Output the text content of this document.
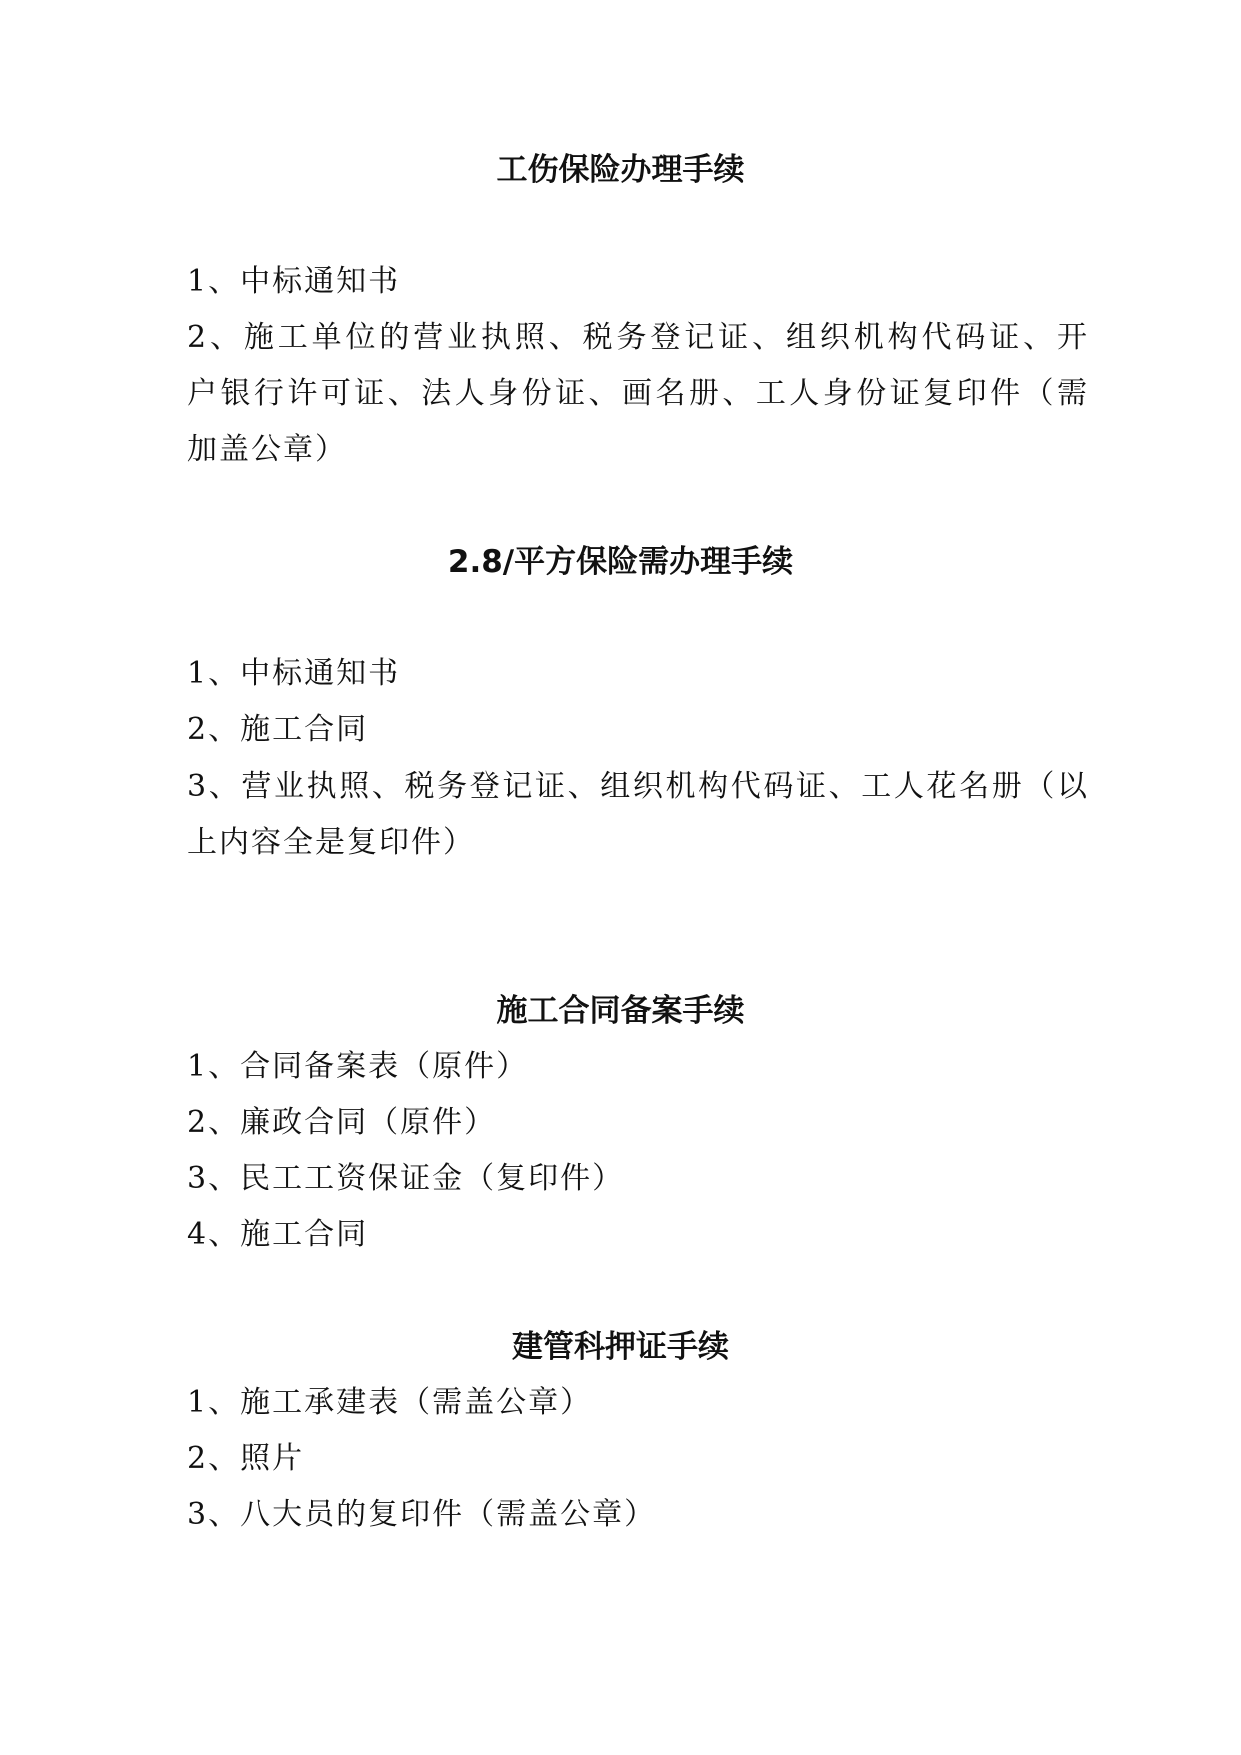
工伤保险办理手续

1、中标通知书

2、施工单位的营业执照、税务登记证、组织机构代码证、开

户银行许可证、法人身份证、画名册、工人身份证复印件（需

加盖公章）

2.8/平方保险需办理手续

1、中标通知书

2、施工合同

3、营业执照、税务登记证、组织机构代码证、工人花名册（以

上内容全是复印件）

施工合同备案手续

1、合同备案表（原件）

2、廉政合同（原件）

3、民工工资保证金（复印件）

4、施工合同

建管科押证手续

1、施工承建表（需盖公章）

2、照片

3、八大员的复印件（需盖公章）
